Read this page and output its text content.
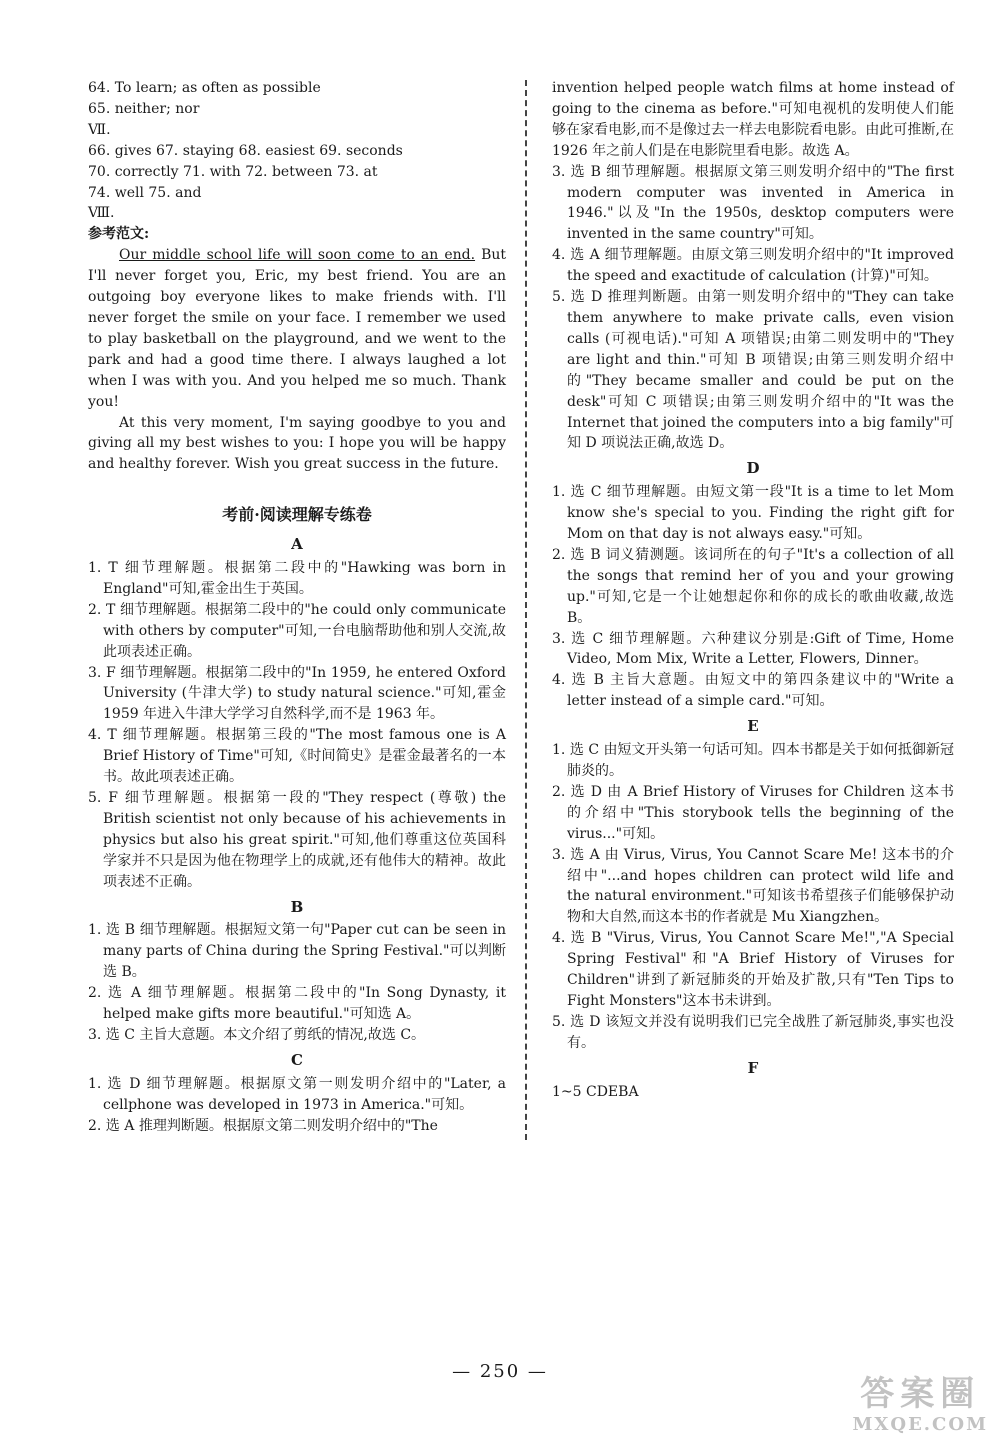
64. To learn; as often as possible

65. neither; nor

Ⅶ.

66. gives 67. staying 68. easiest 69. seconds

70. correctly 71. with 72. between 73. at

74. well 75. and

Ⅷ.

参考范文:

Our middle school life will soon come to an end. But I'll never forget you, Eric, my best friend. You are an outgoing boy everyone likes to make friends with. I'll never forget the smile on your face. I remember we used to play basketball on the playground, and we went to the park and had a good time there. I always laughed a lot when I was with you. And you helped me so much. Thank you!

At this very moment, I'm saying goodbye to you and giving all my best wishes to you: I hope you will be happy and healthy forever. Wish you great success in the future.

考前·阅读理解专练卷

A

1. T 细节理解题。根据第二段中的"Hawking was born in England"可知,霍金出生于英国。

2. T 细节理解题。根据第二段中的"he could only communicate with others by computer"可知,一台电脑帮助他和别人交流,故此项表述正确。

3. F 细节理解题。根据第二段中的"In 1959, he entered Oxford University (牛津大学) to study natural science."可知,霍金 1959 年进入牛津大学学习自然科学,而不是 1963 年。

4. T 细节理解题。根据第三段的"The most famous one is A Brief History of Time"可知,《时间简史》是霍金最著名的一本书。故此项表述正确。

5. F 细节理解题。根据第一段的"They respect (尊敬) the British scientist not only because of his achievements in physics but also his great spirit."可知,他们尊重这位英国科学家并不只是因为他在物理学上的成就,还有他伟大的精神。故此项表述不正确。

B

1. 选 B 细节理解题。根据短文第一句"Paper cut can be seen in many parts of China during the Spring Festival."可以判断选 B。

2. 选 A 细节理解题。根据第二段中的"In Song Dynasty, it helped make gifts more beautiful."可知选 A。

3. 选 C 主旨大意题。本文介绍了剪纸的情况,故选 C。

C

1. 选 D 细节理解题。根据原文第一则发明介绍中的"Later, a cellphone was developed in 1973 in America."可知。

2. 选 A 推理判断题。根据原文第二则发明介绍中的"The

invention helped people watch films at home instead of going to the cinema as before."可知电视机的发明使人们能够在家看电影,而不是像过去一样去电影院看电影。由此可推断,在 1926 年之前人们是在电影院里看电影。故选 A。

3. 选 B 细节理解题。根据原文第三则发明介绍中的"The first modern computer was invented in America in 1946."以及"In the 1950s, desktop computers were invented in the same country"可知。

4. 选 A 细节理解题。由原文第三则发明介绍中的"It improved the speed and exactitude of calculation (计算)"可知。

5. 选 D 推理判断题。由第一则发明介绍中的"They can take them anywhere to make private calls, even vision calls (可视电话)."可知 A 项错误;由第二则发明中的"They are light and thin."可知 B 项错误;由第三则发明介绍中的"They became smaller and could be put on the desk"可知 C 项错误;由第三则发明介绍中的"It was the Internet that joined the computers into a big family"可知 D 项说法正确,故选 D。

D

1. 选 C 细节理解题。由短文第一段"It is a time to let Mom know she's special to you. Finding the right gift for Mom on that day is not always easy."可知。

2. 选 B 词义猜测题。该词所在的句子"It's a collection of all the songs that remind her of you and your growing up."可知,它是一个让她想起你和你的成长的歌曲收藏,故选 B。

3. 选 C 细节理解题。六种建议分别是:Gift of Time, Home Video, Mom Mix, Write a Letter, Flowers, Dinner。

4. 选 B 主旨大意题。由短文中的第四条建议中的"Write a letter instead of a simple card."可知。

E

1. 选 C 由短文开头第一句话可知。四本书都是关于如何抵御新冠肺炎的。

2. 选 D 由 A Brief History of Viruses for Children 这本书的介绍中"This storybook tells the beginning of the virus..."可知。

3. 选 A 由 Virus, Virus, You Cannot Scare Me! 这本书的介绍中"...and hopes children can protect wild life and the natural environment."可知该书希望孩子们能够保护动物和大自然,而这本书的作者就是 Mu Xiangzhen。

4. 选 B "Virus, Virus, You Cannot Scare Me!","A Special Spring Festival"和"A Brief History of Viruses for Children"讲到了新冠肺炎的开始及扩散,只有"Ten Tips to Fight Monsters"这本书未讲到。

5. 选 D 该短文并没有说明我们已完全战胜了新冠肺炎,事实也没有。

F

1~5 CDEBA

— 250 —
答案圈
MXQE.COM
